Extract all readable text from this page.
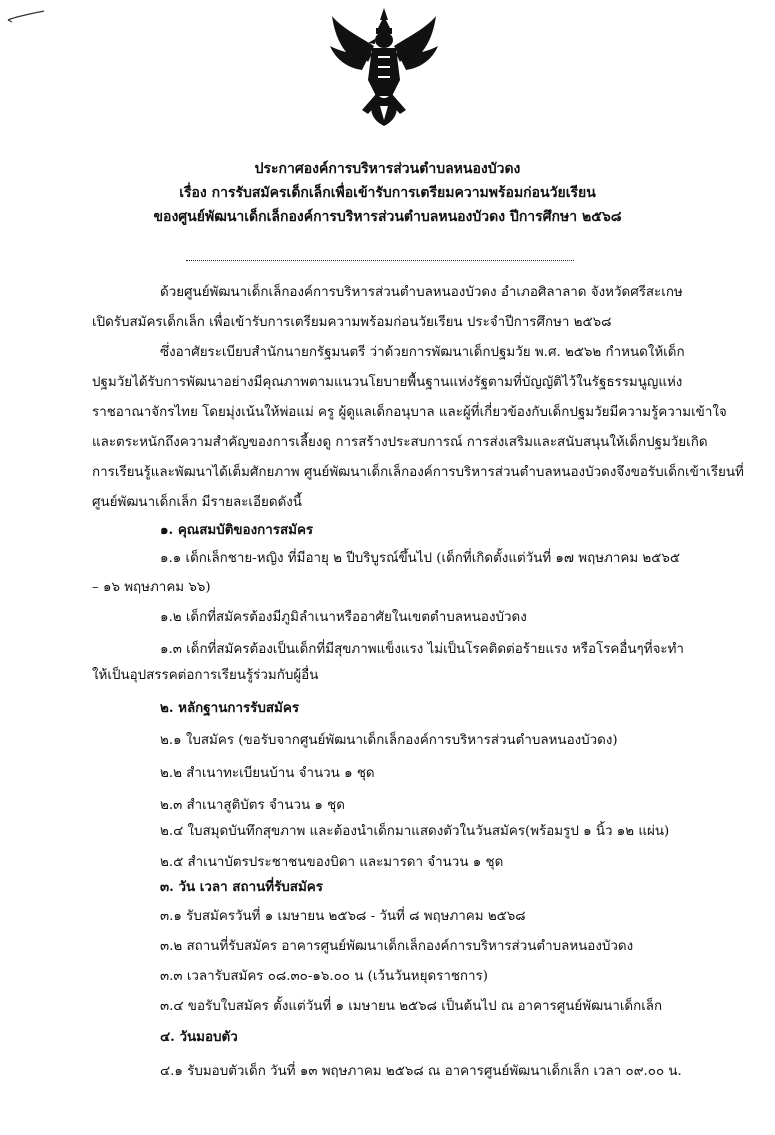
ประกาศองค์การบริหารส่วนตำบลหนองบัวดง
เรื่อง การรับสมัครเด็กเล็กเพื่อเข้ารับการเตรียมความพร้อมก่อนวัยเรียน
ของศูนย์พัฒนาเด็กเล็กองค์การบริหารส่วนตำบลหนองบัวดง ปีการศึกษา ๒๕๖๘
ด้วยศูนย์พัฒนาเด็กเล็กองค์การบริหารส่วนตำบลหนองบัวดง อำเภอศิลาลาด จังหวัดศรีสะเกษ
เปิดรับสมัครเด็กเล็ก เพื่อเข้ารับการเตรียมความพร้อมก่อนวัยเรียน ประจำปีการศึกษา ๒๕๖๘
ซึ่งอาศัยระเบียบสำนักนายกรัฐมนตรี ว่าด้วยการพัฒนาเด็กปฐมวัย พ.ศ. ๒๕๖๒ กำหนดให้เด็ก
ปฐมวัยได้รับการพัฒนาอย่างมีคุณภาพตามแนวนโยบายพื้นฐานแห่งรัฐตามที่บัญญัติไว้ในรัฐธรรมนูญแห่ง
ราชอาณาจักรไทย โดยมุ่งเน้นให้พ่อแม่ ครู ผู้ดูแลเด็กอนุบาล และผู้ที่เกี่ยวข้องกับเด็กปฐมวัยมีความรู้ความเข้าใจ
และตระหนักถึงความสำคัญของการเลี้ยงดู การสร้างประสบการณ์ การส่งเสริมและสนับสนุนให้เด็กปฐมวัยเกิด
การเรียนรู้และพัฒนาได้เต็มศักยภาพ ศูนย์พัฒนาเด็กเล็กองค์การบริหารส่วนตำบลหนองบัวดงจึงขอรับเด็กเข้าเรียนที่
ศูนย์พัฒนาเด็กเล็ก มีรายละเอียดดังนี้
๑. คุณสมบัติของการสมัคร
๑.๑ เด็กเล็กชาย-หญิง ที่มีอายุ ๒ ปีบริบูรณ์ขึ้นไป (เด็กที่เกิดตั้งแต่วันที่ ๑๗ พฤษภาคม ๒๕๖๕
– ๑๖ พฤษภาคม ๖๖)
๑.๒ เด็กที่สมัครต้องมีภูมิลำเนาหรืออาศัยในเขตตำบลหนองบัวดง
๑.๓ เด็กที่สมัครต้องเป็นเด็กที่มีสุขภาพแข็งแรง ไม่เป็นโรคติดต่อร้ายแรง หรือโรคอื่นๆที่จะทำ
ให้เป็นอุปสรรคต่อการเรียนรู้ร่วมกับผู้อื่น
๒. หลักฐานการรับสมัคร
๒.๑ ใบสมัคร (ขอรับจากศูนย์พัฒนาเด็กเล็กองค์การบริหารส่วนตำบลหนองบัวดง)
๒.๒ สำเนาทะเบียนบ้าน จำนวน ๑ ชุด
๒.๓ สำเนาสูติบัตร จำนวน ๑ ชุด
๒.๔ ใบสมุดบันทึกสุขภาพ และต้องนำเด็กมาแสดงตัวในวันสมัคร(พร้อมรูป ๑ นิ้ว ๑๒ แผ่น)
๒.๕ สำเนาบัตรประชาชนของบิดา และมารดา จำนวน ๑ ชุด
๓. วัน เวลา สถานที่รับสมัคร
๓.๑ รับสมัครวันที่ ๑ เมษายน ๒๕๖๘ - วันที่ ๘ พฤษภาคม ๒๕๖๘
๓.๒ สถานที่รับสมัคร อาคารศูนย์พัฒนาเด็กเล็กองค์การบริหารส่วนตำบลหนองบัวดง
๓.๓ เวลารับสมัคร ๐๘.๓๐-๑๖.๐๐ น (เว้นวันหยุดราชการ)
๓.๔ ขอรับใบสมัคร ตั้งแต่วันที่ ๑ เมษายน ๒๕๖๘ เป็นต้นไป ณ อาคารศูนย์พัฒนาเด็กเล็ก
๔. วันมอบตัว
๔.๑ รับมอบตัวเด็ก วันที่ ๑๓ พฤษภาคม ๒๕๖๘ ณ อาคารศูนย์พัฒนาเด็กเล็ก เวลา ๐๙.๐๐ น.
